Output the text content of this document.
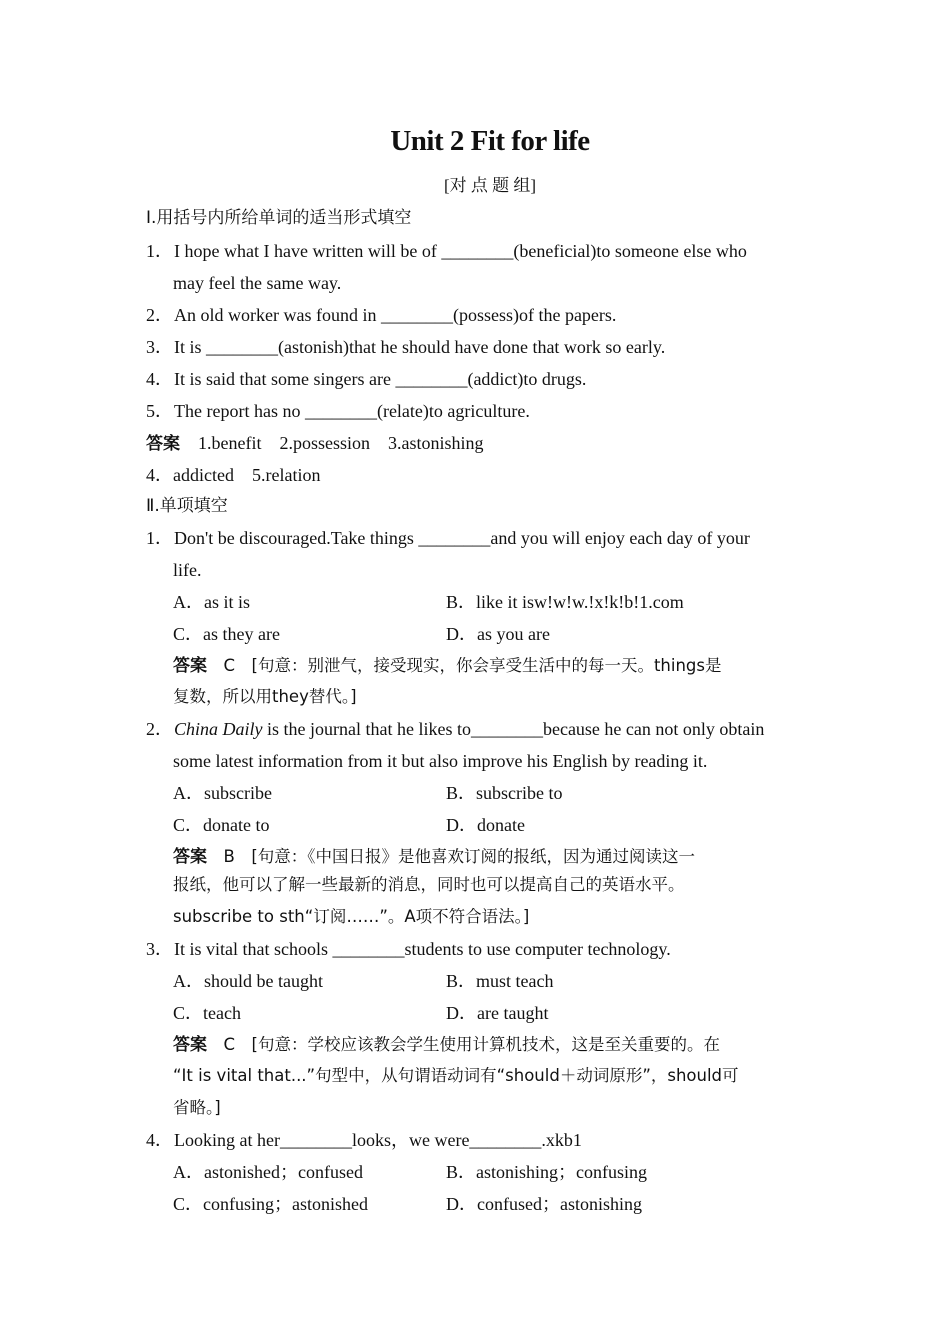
Unit 2 Fit for life
[对 点 题 组]
Ⅰ.用括号内所给单词的适当形式填空
1．I hope what I have written will be of ________(beneficial)to someone else who
may feel the same way.
2．An old worker was found in ________(possess)of the papers.
3．It is ________(astonish)that he should have done that work so early.
4．It is said that some singers are ________(addict)to drugs.
5．The report has no ________(relate)to agriculture.
答案 1.benefit　2.possession　3.astonishing
4．addicted　5.relation
Ⅱ.单项填空
1．Don't be discouraged.Take things ________and you will enjoy each day of your
life.
A．as it is	B．like it isw!w!w.!x!k!b!1.com
C．as they are	D．as you are
答案　C　[句意：别泄气，接受现实，你会享受生活中的每一天。things是
复数，所以用they替代。]
2．China Daily is the journal that he likes to________because he can not only obtain
some latest information from it but also improve his English by reading it.
A．subscribe	B．subscribe to
C．donate to	D．donate
答案　B　[句意：《中国日报》是他喜欢订阅的报纸，因为通过阅读这一
报纸，他可以了解一些最新的消息，同时也可以提高自己的英语水平。
subscribe to sth“订阅……”。A项不符合语法。]
3．It is vital that schools ________students to use computer technology.
A．should be taught	B．must teach
C．teach	D．are taught
答案　C　[句意：学校应该教会学生使用计算机技术，这是至关重要的。在
“It is vital that...”句型中，从句谓语动词有“should＋动词原形”，should可
省略。]
4．Looking at her________looks，we were________.xkb1
A．astonished；confused	B．astonishing；confusing
C．confusing；astonished	D．confused；astonishing
